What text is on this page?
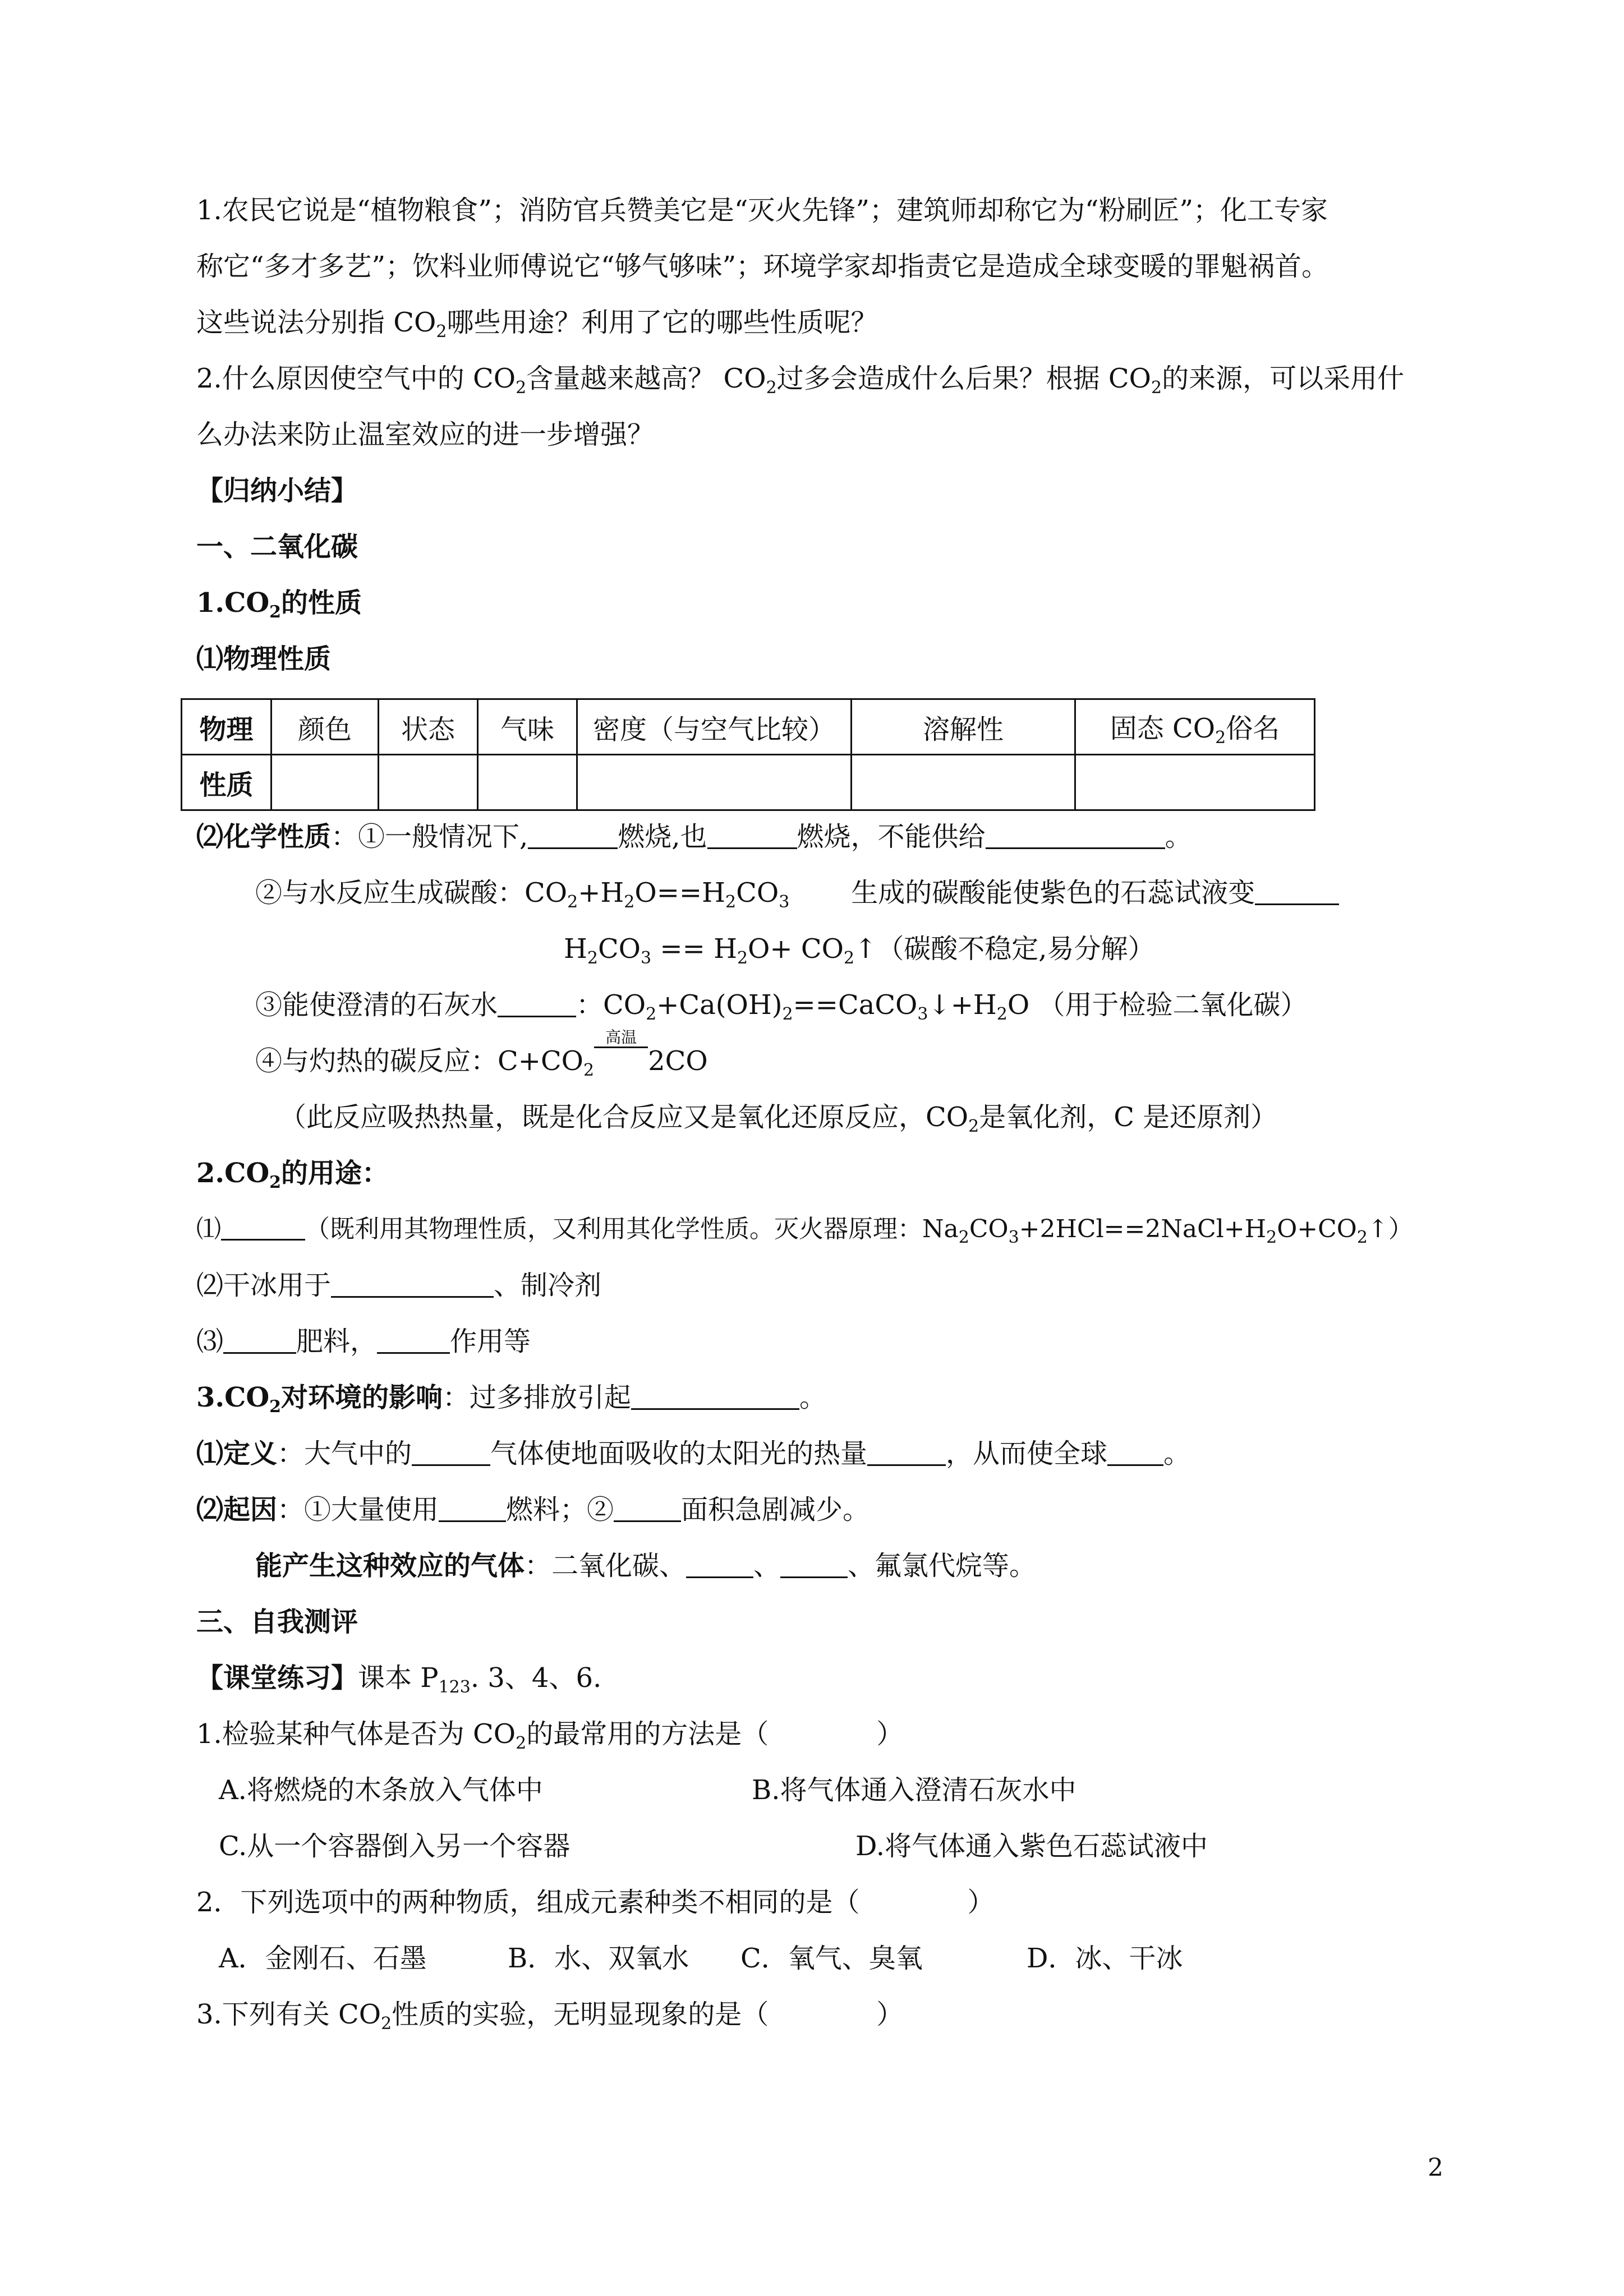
1.农民它说是“植物粮食”；消防官兵赞美它是“灭火先锋”；建筑师却称它为“粉刷匠”；化工专家
称它“多才多艺”；饮料业师傅说它“够气够味”；环境学家却指责它是造成全球变暖的罪魁祸首。
这些说法分别指 $CO_2$哪些用途？利用了它的哪些性质呢？
2.什么原因使空气中的 $CO_2$含量越来越高？ $CO_2$过多会造成什么后果？根据 $CO_2$的来源，可以采用什
么办法来防止温室效应的进一步增强？
【归纳小结】
一、二氧化碳
$1.CO_2$的性质
⑴物理性质
物理	颜色	状态	气味	密度（与空气比较）	溶解性	固态 $CO_2$俗名
性质						
⑵化学性质：①一般情况下,	燃烧,也	燃烧，不能供给	。
②与水反应生成碳酸：$CO_2+H_2O==H_2CO_3$ 生成的碳酸能使紫色的石蕊试液变
$H_2CO_3 == H_2O+$ $CO_2↑$（碳酸不稳定,易分解）
③能使澄清的石灰水	：$CO_2+Ca(OH)_2==CaCO_3↓+H_2O$ （用于检验二氧化碳）
④与灼热的碳反应：$C+CO_2$
高温
2CO
（此反应吸热热量，既是化合反应又是氧化还原反应，$CO_2$是氧化剂，C 是还原剂）
$2.CO_2$的用途：
⑴	（既利用其物理性质，又利用其化学性质。灭火器原理：$Na_2CO_3+2HCl==2NaCl+H_2O+CO_2↑$）
⑵干冰用于	、制冷剂
⑶	肥料，	作用等
$3.CO_2$对环境的影响：过多排放引起	。
⑴定义：大气中的	气体使地面吸收的太阳光的热量	，从而使全球 。
⑵起因：①大量使用	燃料；②	面积急剧减少。
能产生这种效应的气体：二氧化碳、	、	、氟氯代烷等。
三、自我测评
【课堂练习】课本 $P_{123}$. 3、4、6.
1.检验某种气体是否为 $CO_2$的最常用的方法是（　　　　）
A.将燃烧的木条放入气体中	B.将气体通入澄清石灰水中
C.从一个容器倒入另一个容器	D.将气体通入紫色石蕊试液中
2．下列选项中的两种物质，组成元素种类不相同的是（　　　　）
A．金刚石、石墨	B．水、双氧水 C．氧气、臭氧	D．冰、干冰
3.下列有关 $CO_2$性质的实验，无明显现象的是（　　　　）
2
